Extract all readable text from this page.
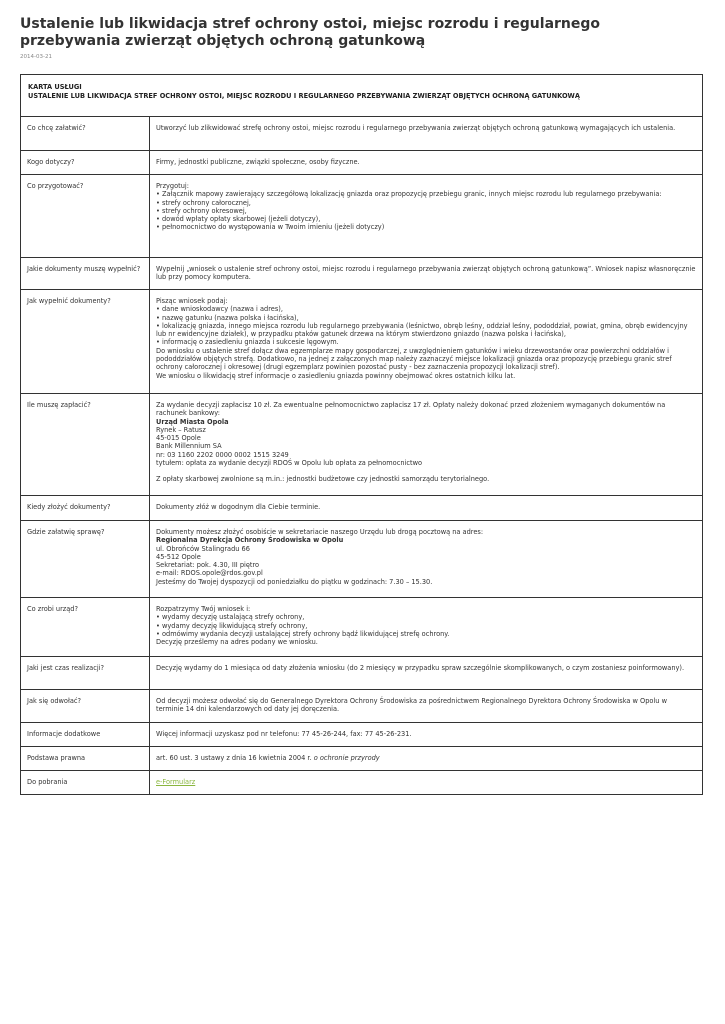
Ustalenie lub likwidacja stref ochrony ostoi, miejsc rozrodu i regularnego przebywania zwierząt objętych ochroną gatunkową
2014-03-21
KARTA USŁUGI
USTALENIE LUB LIKWIDACJA STREF OCHRONY OSTOI, MIEJSC ROZRODU I REGULARNEGO PRZEBYWANIA ZWIERZĄT OBJĘTYCH OCHRONĄ GATUNKOWĄ
Co chcę załatwić?	Utworzyć lub zlikwidować strefę ochrony ostoi, miejsc rozrodu i regularnego przebywania zwierząt objętych ochroną gatunkową wymagających ich ustalenia.
Kogo dotyczy?	Firmy, jednostki publiczne, związki społeczne, osoby fizyczne.
Co przygotować?	Przygotuj:

• Załącznik mapowy zawierający szczegółową lokalizację gniazda oraz propozycję przebiegu granic, innych miejsc rozrodu lub regularnego przebywania:

• strefy ochrony całorocznej,

• strefy ochrony okresowej,

• dowód wpłaty opłaty skarbowej (jeżeli dotyczy),

• pełnomocnictwo do występowania w Twoim imieniu (jeżeli dotyczy)

Jakie dokumenty muszę wypełnić?	Wypełnij „wniosek o ustalenie stref ochrony ostoi, miejsc rozrodu i regularnego przebywania zwierząt objętych ochroną gatunkową”. Wniosek napisz własnoręcznie lub przy pomocy komputera.
Jak wypełnić dokumenty?	Pisząc wniosek podaj:

• dane wnioskodawcy (nazwa i adres),

• nazwę gatunku (nazwa polska i łacińska),

• lokalizację gniazda, innego miejsca rozrodu lub regularnego przebywania (leśnictwo, obręb leśny, oddział leśny, pododdział, powiat, gmina, obręb ewidencyjny lub nr ewidencyjne działek), w przypadku ptaków gatunek drzewa na którym stwierdzono gniazdo (nazwa polska i łacińska),

• informację o zasiedleniu gniazda i sukcesie lęgowym.

Do wniosku o ustalenie stref dołącz dwa egzemplarze mapy gospodarczej, z uwzględnieniem gatunków i wieku drzewostanów oraz powierzchni oddziałów i pododdziałów objętych strefą. Dodatkowo, na jednej z załączonych map należy zaznaczyć miejsce lokalizacji gniazda oraz propozycję przebiegu granic stref ochrony całorocznej i okresowej (drugi egzemplarz powinien pozostać pusty - bez zaznaczenia propozycji lokalizacji stref).

We wniosku o likwidację stref informacje o zasiedleniu gniazda powinny obejmować okres ostatnich kilku lat.

Ile muszę zapłacić?	Za wydanie decyzji zapłacisz 10 zł. Za ewentualne pełnomocnictwo zapłacisz 17 zł. Opłaty należy dokonać przed złożeniem wymaganych dokumentów na rachunek bankowy:

Urząd Miasta Opola

Rynek – Ratusz

45-015 Opole

Bank Millennium SA

nr: 03 1160 2202 0000 0002 1515 3249

tytułem: opłata za wydanie decyzji RDOŚ w Opolu lub opłata za pełnomocnictwo

Z opłaty skarbowej zwolnione są m.in.: jednostki budżetowe czy jednostki samorządu terytorialnego.

Kiedy złożyć dokumenty?	Dokumenty złóż w dogodnym dla Ciebie terminie.
Gdzie załatwię sprawę?	Dokumenty możesz złożyć osobiście w sekretariacie naszego Urzędu lub drogą pocztową na adres:

Regionalna Dyrekcja Ochrony Środowiska w Opolu

ul. Obrońców Stalingradu 66

45-512 Opole

Sekretariat: pok. 4.30, III piętro

e-mail: RDOS.opole@rdos.gov.pl

Jesteśmy do Twojej dyspozycji od poniedziałku do piątku w godzinach: 7.30 – 15.30.

Co zrobi urząd?	Rozpatrzymy Twój wniosek i:

• wydamy decyzję ustalającą strefy ochrony,

• wydamy decyzję likwidującą strefy ochrony,

• odmówimy wydania decyzji ustalającej strefy ochrony bądź likwidującej strefę ochrony.

Decyzję prześlemy na adres podany we wniosku.

Jaki jest czas realizacji?	Decyzję wydamy do 1 miesiąca od daty złożenia wniosku (do 2 miesięcy w przypadku spraw szczególnie skomplikowanych, o czym zostaniesz poinformowany).
Jak się odwołać?	Od decyzji możesz odwołać się do Generalnego Dyrektora Ochrony Środowiska za pośrednictwem Regionalnego Dyrektora Ochrony Środowiska w Opolu w terminie 14 dni kalendarzowych od daty jej doręczenia.
Informacje dodatkowe	Więcej informacji uzyskasz pod nr telefonu: 77 45-26-244, fax: 77 45-26-231.
Podstawa prawna	art. 60 ust. 3 ustawy z dnia 16 kwietnia 2004 r. o ochronie przyrody
Do pobrania	e-Formularz
